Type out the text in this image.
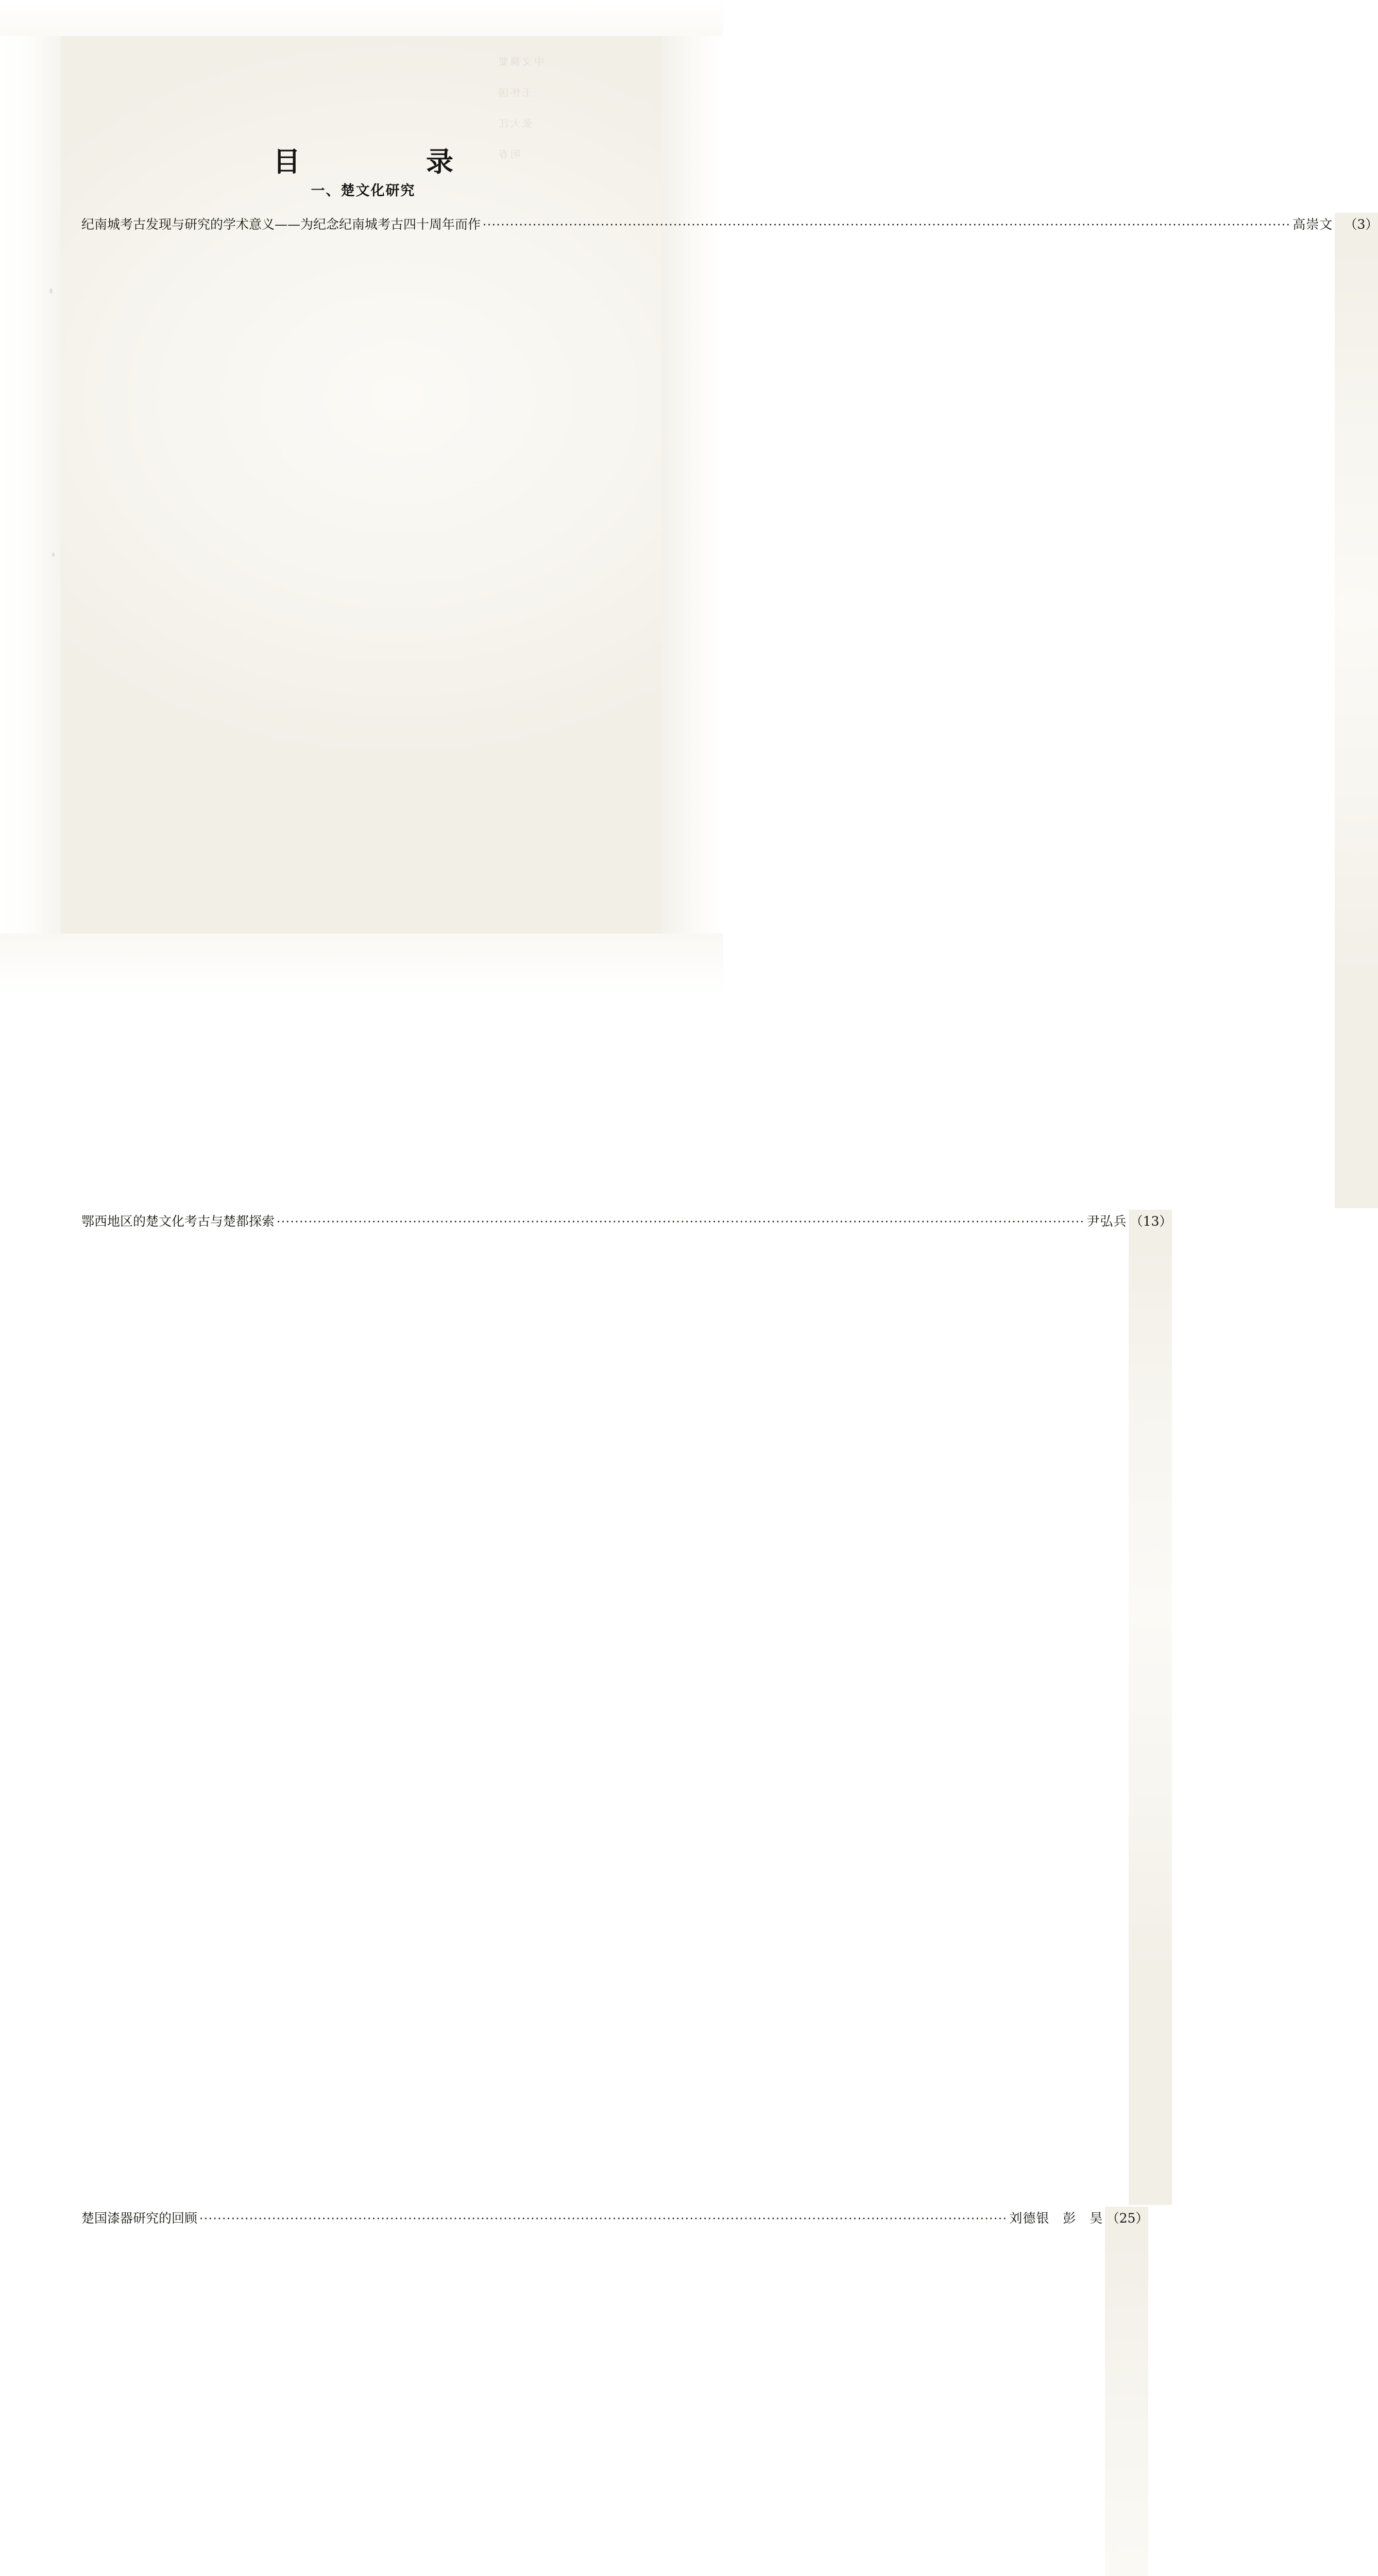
中文摘要
王怀国
张大江
　　　明春
目　　录
一、楚文化研究
纪南城考古发现与研究的学术意义——为纪念纪南城考古四十周年而作 ·····	高崇文 （3）
鄂西地区的楚文化考古与楚都探索 ·····	尹弘兵 （13）
楚国漆器研究的回顾 ·····	刘德银　彭　昊 （25）
